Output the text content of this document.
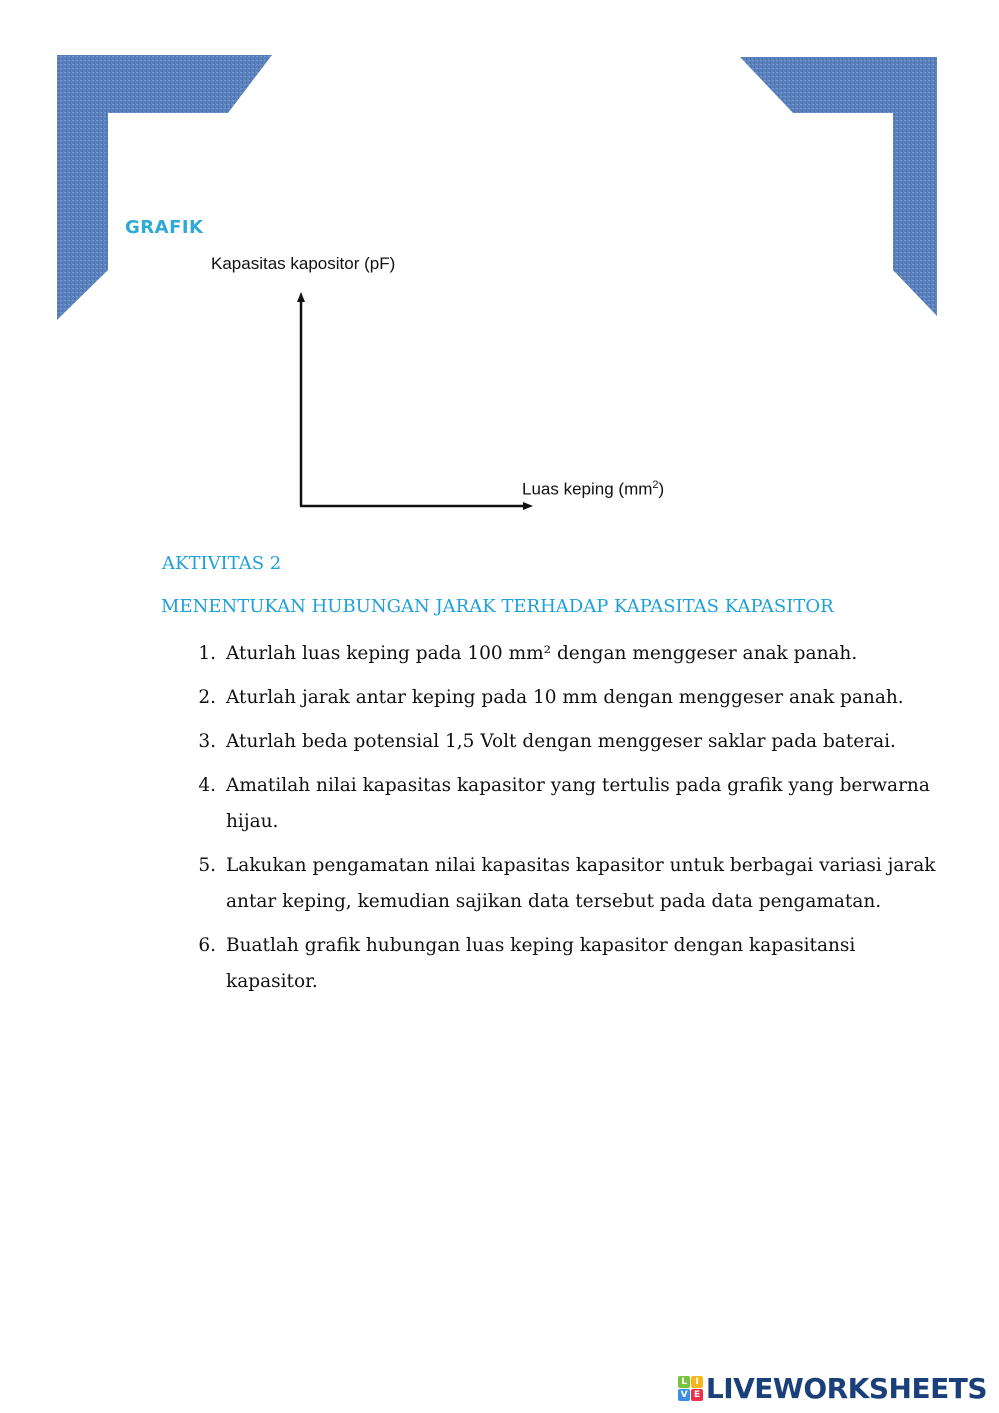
GRAFIK
Kapasitas kapositor (pF)
Luas keping $(mm^2)$
AKTIVITAS 2
MENENTUKAN HUBUNGAN JARAK TERHADAP KAPASITAS KAPASITOR
1. Aturlah luas keping pada 100 mm² dengan menggeser anak panah.
2. Aturlah jarak antar keping pada 10 mm dengan menggeser anak panah.
3. Aturlah beda potensial 1,5 Volt dengan menggeser saklar pada baterai.
4. Amatilah nilai kapasitas kapasitor yang tertulis pada grafik yang berwarna hijau.
5. Lakukan pengamatan nilai kapasitas kapasitor untuk berbagai variasi jarak antar keping, kemudian sajikan data tersebut pada data pengamatan.
6. Buatlah grafik hubungan luas keping kapasitor dengan kapasitansi kapasitor.
L I
V E LIVEWORKSHEETS
